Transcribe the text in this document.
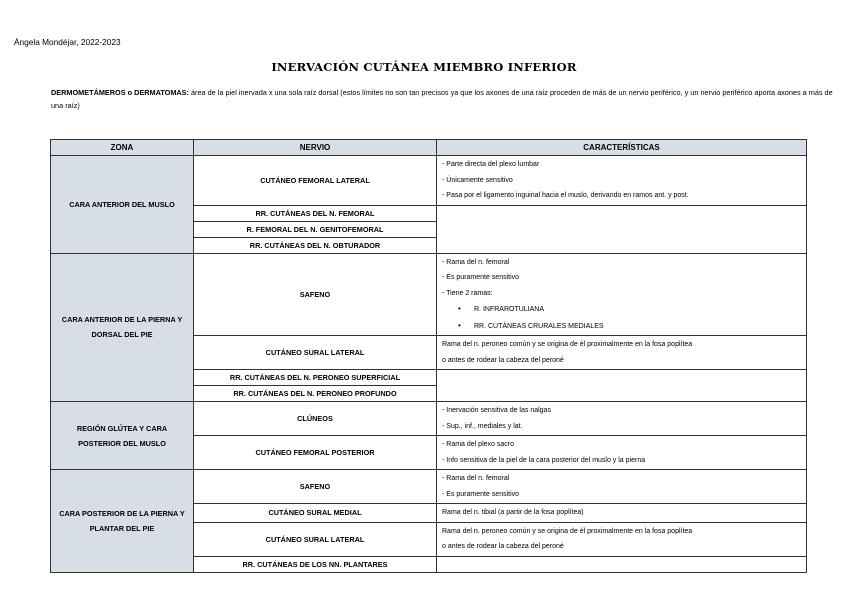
Ángela Mondéjar, 2022-2023
INERVACIÓN CUTÁNEA MIEMBRO INFERIOR
DERMOMETÁMEROS o DERMATOMAS: área de la piel inervada x una sola raíz dorsal (estos límites no son tan precisos ya que los axones de una raíz proceden de más de un nervio periférico, y un nervio periférico aporta axones a más de una raíz)
ZONA	NERVIO	CARACTERÍSTICAS
CARA ANTERIOR DEL MUSLO	CUTÁNEO FEMORAL LATERAL	- Parte directa del plexo lumbar
- Únicamente sensitivo
- Pasa por el ligamento inguinal hacia el muslo, derivando en ramos ant. y post.

	RR. CUTÁNEAS DEL N. FEMORAL	
	R. FEMORAL DEL N. GENITOFEMORAL	
	RR. CUTÁNEAS DEL N. OBTURADOR	
CARA ANTERIOR DE LA PIERNA Y DORSAL DEL PIE	SAFENO	- Rama del n. femoral
- Es puramente sensitivo
- Tiene 2 ramas:
• R. INFRAROTULIANA
• RR. CUTÁNEAS CRURALES MEDIALES

	CUTÁNEO SURAL LATERAL	Rama del n. peroneo común y se origina de él proximalmente en la fosa poplítea
o antes de rodear la cabeza del peroné

	RR. CUTÁNEAS DEL N. PERONEO SUPERFICIAL	
	RR. CUTÁNEAS DEL N. PERONEO PROFUNDO	
REGIÓN GLÚTEA Y CARA POSTERIOR DEL MUSLO	CLÚNEOS	- Inervación sensitiva de las nalgas
- Sup., inf., mediales y lat.

	CUTÁNEO FEMORAL POSTERIOR	- Rama del plexo sacro
- Info sensitiva de la piel de la cara posterior del muslo y la pierna

CARA POSTERIOR DE LA PIERNA Y PLANTAR DEL PIE	SAFENO	- Rama del n. femoral
- Es puramente sensitivo

	CUTÁNEO SURAL MEDIAL	Rama del n. tibial (a partir de la fosa poplítea)

	CUTÁNEO SURAL LATERAL	Rama del n. peroneo común y se origina de él proximalmente en la fosa poplítea
o antes de rodear la cabeza del peroné

	RR. CUTÁNEAS DE LOS NN. PLANTARES	
